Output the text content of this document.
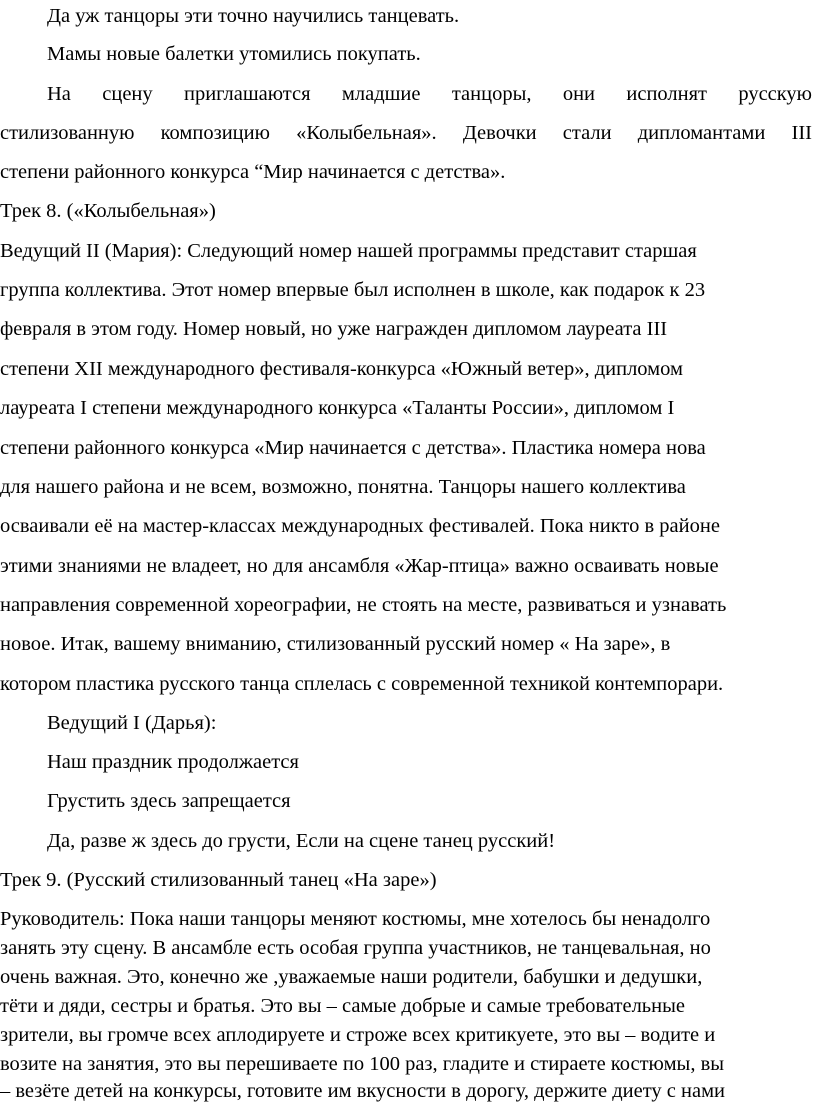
Да уж танцоры эти точно научились танцевать.
Мамы новые балетки утомились покупать.
На сцену приглашаются младшие танцоры, они исполнят русскую
стилизованную композицию «Колыбельная». Девочки стали дипломантами III
степени районного конкурса “Мир начинается с детства».
Трек 8. («Колыбельная»)
Ведущий II (Мария): Следующий номер нашей программы представит старшая
группа коллектива. Этот номер впервые был исполнен в школе, как подарок к 23
февраля в этом году. Номер новый, но уже награжден дипломом лауреата III
степени XII международного фестиваля-конкурса «Южный ветер», дипломом
лауреата I степени международного конкурса «Таланты России», дипломом I
степени районного конкурса «Мир начинается с детства». Пластика номера нова
для нашего района и не всем, возможно, понятна. Танцоры нашего коллектива
осваивали её на мастер-классах международных фестивалей. Пока никто в районе
этими знаниями не владеет, но для ансамбля «Жар-птица» важно осваивать новые
направления современной хореографии, не стоять на месте, развиваться и узнавать
новое. Итак, вашему вниманию, стилизованный русский номер « На заре», в
котором пластика русского танца сплелась с современной техникой контемпорари.
Ведущий I (Дарья):
Наш праздник продолжается
Грустить здесь запрещается
Да, разве ж здесь до грусти, Если на сцене танец русский!
Трек 9. (Русский стилизованный танец «На заре»)
Руководитель: Пока наши танцоры меняют костюмы, мне хотелось бы ненадолго
занять эту сцену. В ансамбле есть особая группа участников, не танцевальная, но
очень важная. Это, конечно же ,уважаемые наши родители, бабушки и дедушки,
тёти и дяди, сестры и братья. Это вы – самые добрые и самые требовательные
зрители, вы громче всех аплодируете и строже всех критикуете, это вы – водите и
возите на занятия, это вы перешиваете по 100 раз, гладите и стираете костюмы, вы
– везёте детей на конкурсы, готовите им вкусности в дорогу, держите диету с нами
